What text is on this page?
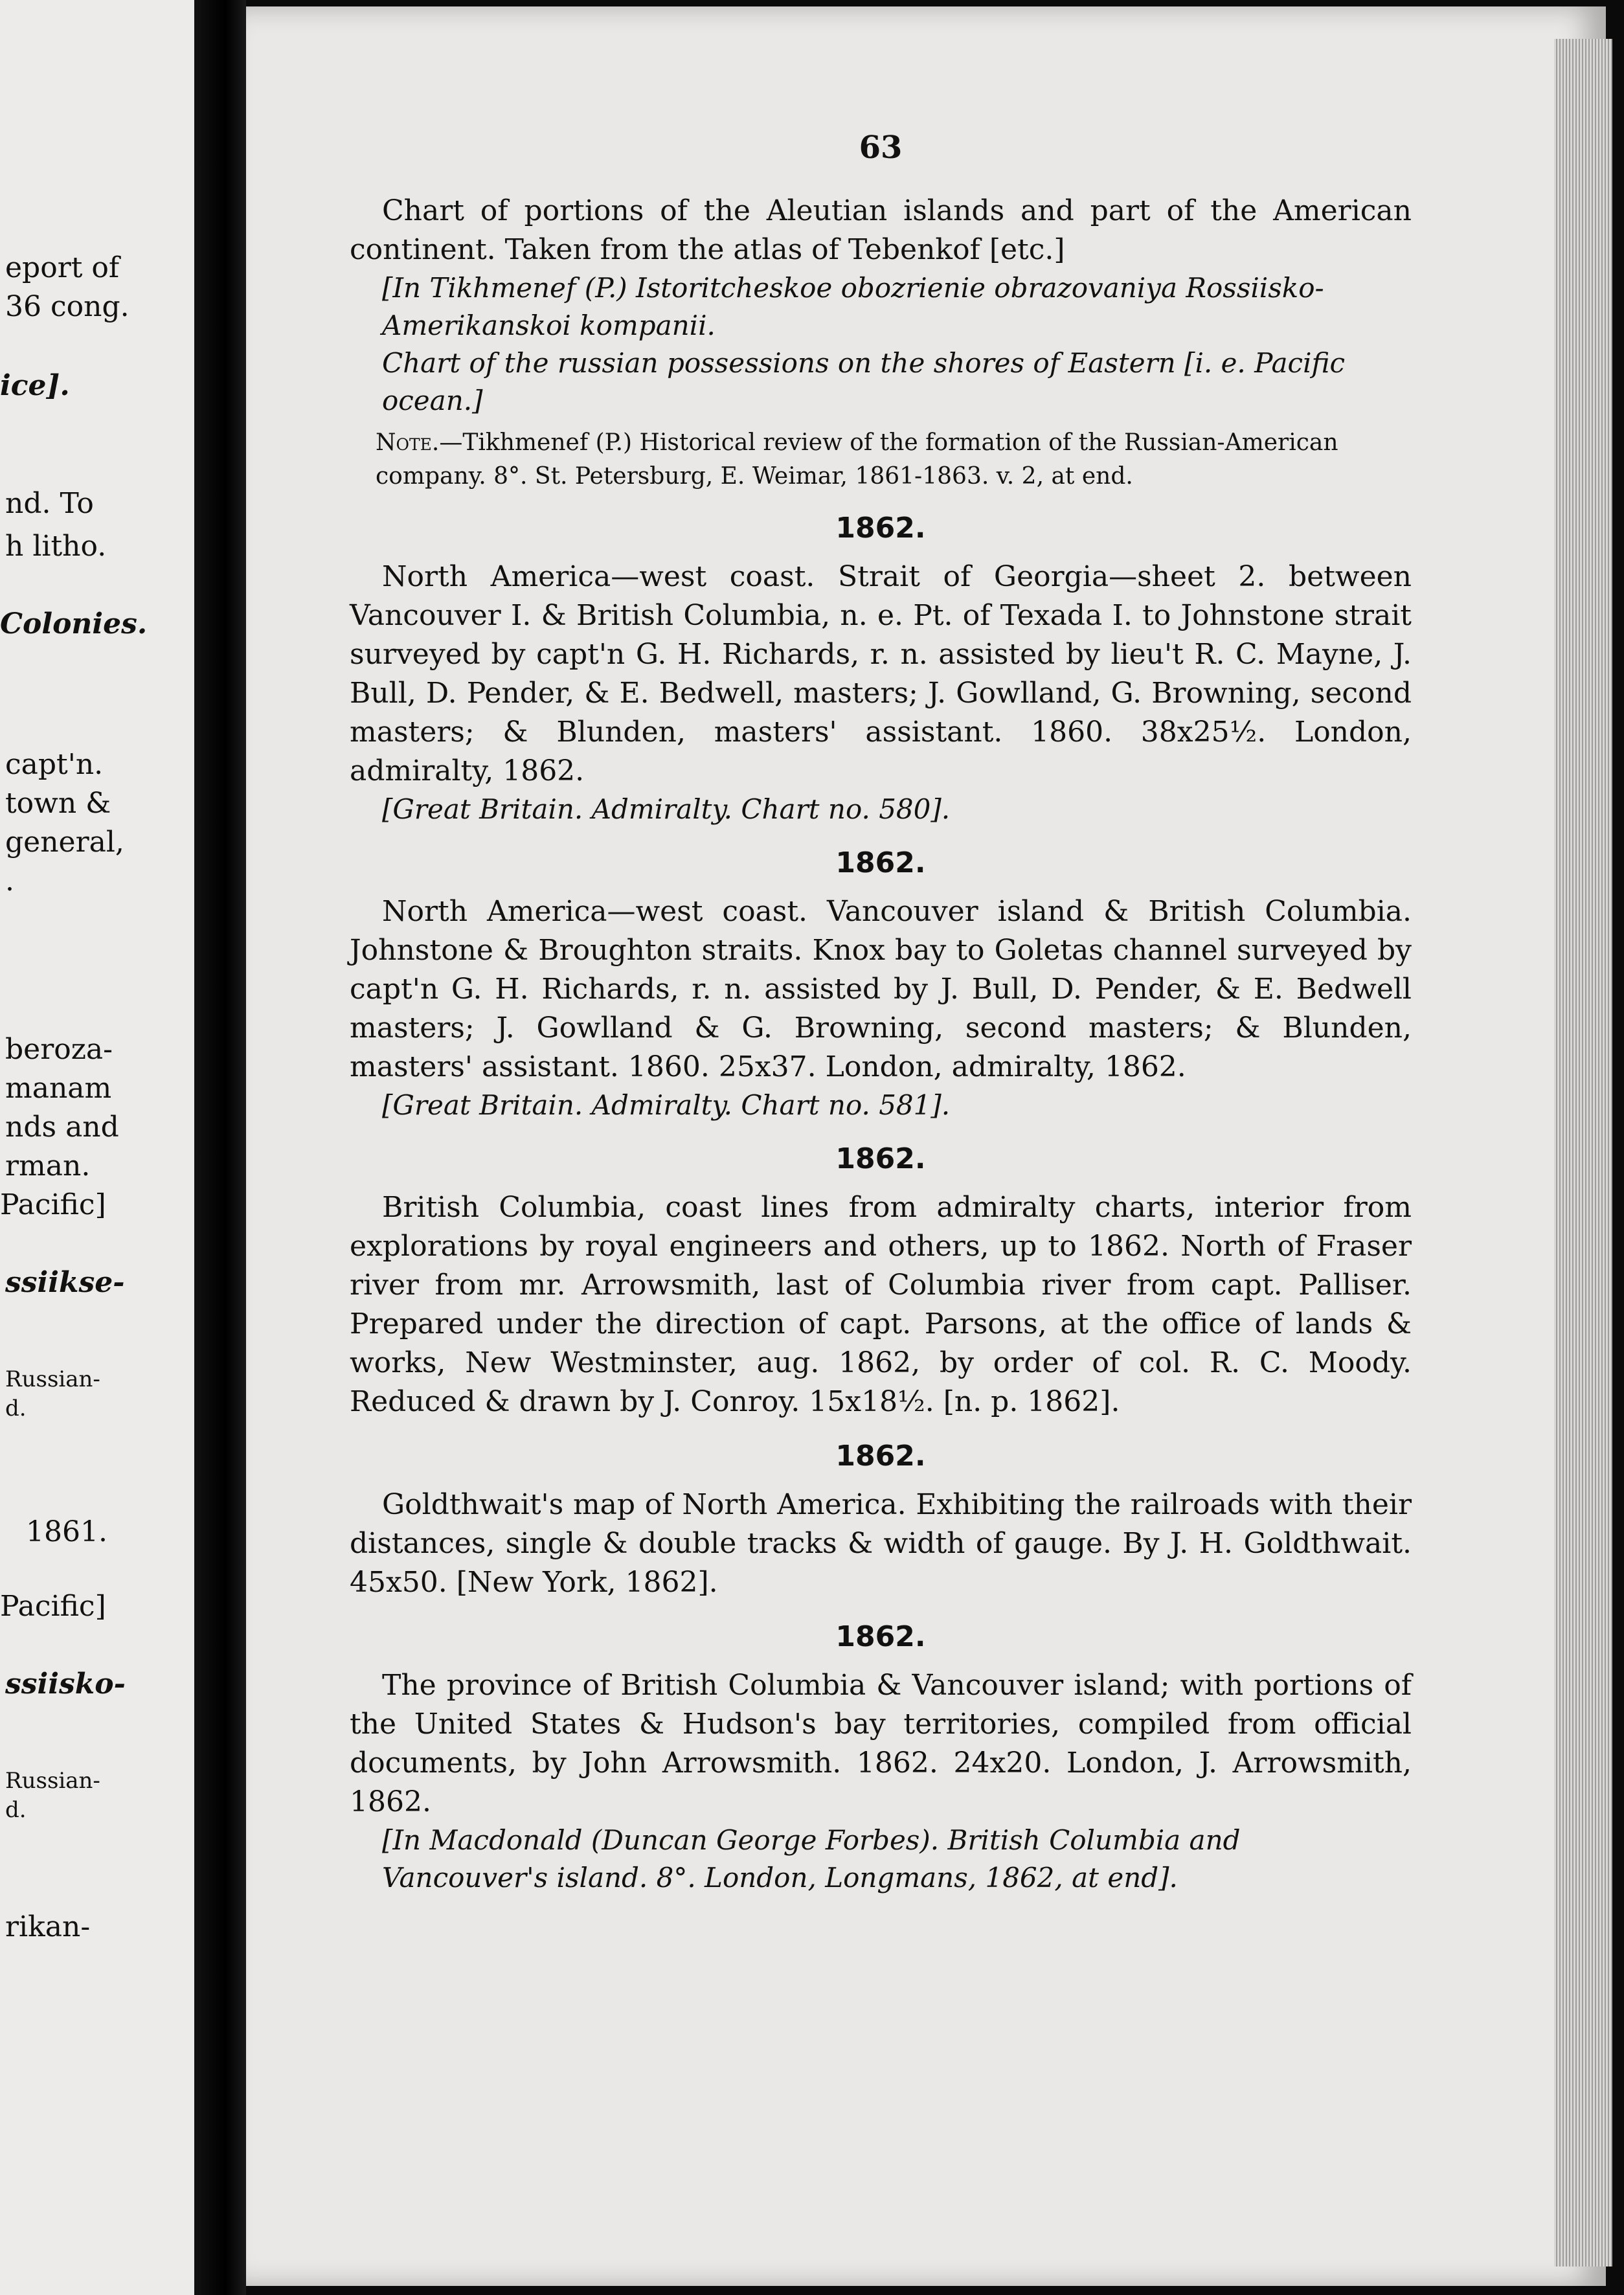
eport of
36 cong.
ice].
nd. To
h litho.
Colonies.
capt'n.
town &
general,
.
beroza-
manam
nds and
rman.
Pacific]
ssiikse-
Russian-
d.
1861.
Pacific]
ssiisko-
Russian-
d.
rikan-
63

Chart of portions of the Aleutian islands and part of the American continent. Taken from the atlas of Tebenkof [etc.]

[In Tikhmenef (P.) Istoritcheskoe obozrienie obrazovaniya Rossiisko-Amerikanskoi kompanii.

Chart of the russian possessions on the shores of Eastern [i. e. Pacific ocean.]

Note.—Tikhmenef (P.) Historical review of the formation of the Russian-American company. 8°. St. Petersburg, E. Weimar, 1861-1863. v. 2, at end.

1862.

North America—west coast. Strait of Georgia—sheet 2. between Vancouver I. & British Columbia, n. e. Pt. of Texada I. to Johnstone strait surveyed by capt'n G. H. Richards, r. n. assisted by lieu't R. C. Mayne, J. Bull, D. Pender, & E. Bedwell, masters; J. Gowlland, G. Browning, second masters; & Blunden, masters' assistant. 1860. 38x25½. London, admiralty, 1862.

[Great Britain. Admiralty. Chart no. 580].

1862.

North America—west coast. Vancouver island & British Columbia. Johnstone & Broughton straits. Knox bay to Goletas channel surveyed by capt'n G. H. Richards, r. n. assisted by J. Bull, D. Pender, & E. Bedwell masters; J. Gowlland & G. Browning, second masters; & Blunden, masters' assistant. 1860. 25x37. London, admiralty, 1862.

[Great Britain. Admiralty. Chart no. 581].

1862.

British Columbia, coast lines from admiralty charts, interior from explorations by royal engineers and others, up to 1862. North of Fraser river from mr. Arrowsmith, last of Columbia river from capt. Palliser. Prepared under the direction of capt. Parsons, at the office of lands & works, New Westminster, aug. 1862, by order of col. R. C. Moody. Reduced & drawn by J. Conroy. 15x18½. [n. p. 1862].

1862.

Goldthwait's map of North America. Exhibiting the railroads with their distances, single & double tracks & width of gauge. By J. H. Goldthwait. 45x50. [New York, 1862].

1862.

The province of British Columbia & Vancouver island; with portions of the United States & Hudson's bay territories, compiled from official documents, by John Arrowsmith. 1862. 24x20. London, J. Arrowsmith, 1862.

[In Macdonald (Duncan George Forbes). British Columbia and Vancouver's island. 8°. London, Longmans, 1862, at end].
